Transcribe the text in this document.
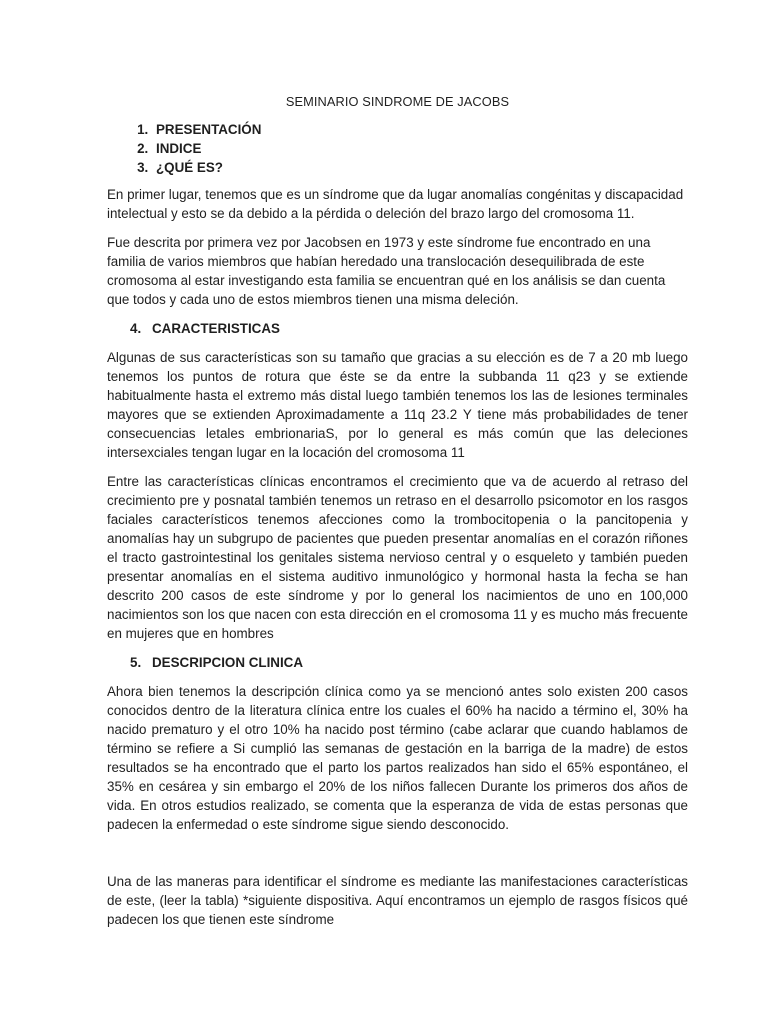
SEMINARIO SINDROME DE JACOBS
1. PRESENTACIÓN
2. INDICE
3. ¿QUÉ ES?

En primer lugar, tenemos que es un síndrome que da lugar anomalías congénitas y discapacidad intelectual y esto se da debido a la pérdida o deleción del brazo largo del cromosoma 11.

Fue descrita por primera vez por Jacobsen en 1973 y este síndrome fue encontrado en una familia de varios miembros que habían heredado una translocación desequilibrada de este cromosoma al estar investigando esta familia se encuentran qué en los análisis se dan cuenta que todos y cada uno de estos miembros tienen una misma deleción.

4. CARACTERISTICAS

Algunas de sus características son su tamaño que gracias a su elección es de 7 a 20 mb luego tenemos los puntos de rotura que éste se da entre la subbanda 11 q23 y se extiende habitualmente hasta el extremo más distal luego también tenemos los las de lesiones terminales mayores que se extienden Aproximadamente a 11q 23.2 Y tiene más probabilidades de tener consecuencias letales embrionariaS, por lo general es más común que las deleciones intersexciales tengan lugar en la locación del cromosoma 11

Entre las características clínicas encontramos el crecimiento que va de acuerdo al retraso del crecimiento pre y posnatal también tenemos un retraso en el desarrollo psicomotor en los rasgos faciales característicos tenemos afecciones como la trombocitopenia o la pancitopenia y anomalías hay un subgrupo de pacientes que pueden presentar anomalías en el corazón riñones el tracto gastrointestinal los genitales sistema nervioso central y o esqueleto y también pueden presentar anomalías en el sistema auditivo inmunológico y hormonal hasta la fecha se han descrito 200 casos de este síndrome y por lo general los nacimientos de uno en 100,000 nacimientos son los que nacen con esta dirección en el cromosoma 11 y es mucho más frecuente en mujeres que en hombres

5. DESCRIPCION CLINICA

Ahora bien tenemos la descripción clínica como ya se mencionó antes solo existen 200 casos conocidos dentro de la literatura clínica entre los cuales el 60% ha nacido a término el, 30% ha nacido prematuro y el otro 10% ha nacido post término (cabe aclarar que cuando hablamos de término se refiere a Si cumplió las semanas de gestación en la barriga de la madre) de estos resultados se ha encontrado que el parto los partos realizados han sido el 65% espontáneo, el 35% en cesárea y sin embargo el 20% de los niños fallecen Durante los primeros dos años de vida. En otros estudios realizado, se comenta que la esperanza de vida de estas personas que padecen la enfermedad o este síndrome sigue siendo desconocido.

Una de las maneras para identificar el síndrome es mediante las manifestaciones características de este, (leer la tabla) *siguiente dispositiva. Aquí encontramos un ejemplo de rasgos físicos qué padecen los que tienen este síndrome
